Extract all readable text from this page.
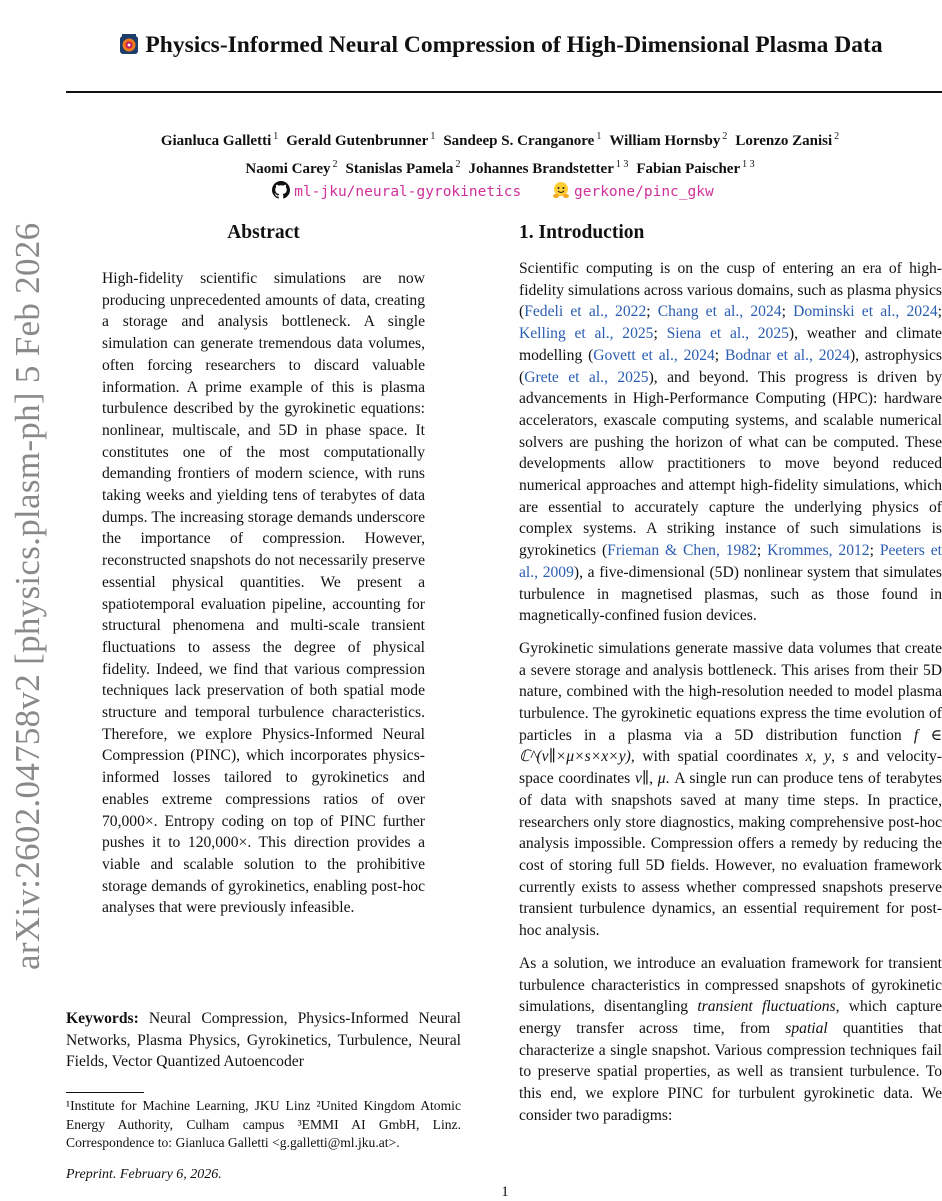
arXiv:2602.04758v2 [physics.plasm-ph] 5 Feb 2026
Physics-Informed Neural Compression of High-Dimensional Plasma Data
Gianluca Galletti $^1$ Gerald Gutenbrunner $^1$ Sandeep S. Cranganore $^1$ William Hornsby $^2$ Lorenzo Zanisi $^2$
Naomi Carey $^2$ Stanislas Pamela $^2$ Johannes Brandstetter $^{1 3}$ Fabian Paischer $^{1 3}$
ml-jku/neural-gyrokinetics	gerkone/pinc_gkw
Abstract
High-fidelity scientific simulations are now producing unprecedented amounts of data, creating a storage and analysis bottleneck. A single simulation can generate tremendous data volumes, often forcing researchers to discard valuable information. A prime example of this is plasma turbulence described by the gyrokinetic equations: nonlinear, multiscale, and 5D in phase space. It constitutes one of the most computationally demanding frontiers of modern science, with runs taking weeks and yielding tens of terabytes of data dumps. The increasing storage demands underscore the importance of compression. However, reconstructed snapshots do not necessarily preserve essential physical quantities. We present a spatiotemporal evaluation pipeline, accounting for structural phenomena and multi-scale transient fluctuations to assess the degree of physical fidelity. Indeed, we find that various compression techniques lack preservation of both spatial mode structure and temporal turbulence characteristics. Therefore, we explore Physics-Informed Neural Compression (PINC), which incorporates physics-informed losses tailored to gyrokinetics and enables extreme compressions ratios of over 70,000×. Entropy coding on top of PINC further pushes it to 120,000×. This direction provides a viable and scalable solution to the prohibitive storage demands of gyrokinetics, enabling post-hoc analyses that were previously infeasible.
Keywords: Neural Compression, Physics-Informed Neural Networks, Plasma Physics, Gyrokinetics, Turbulence, Neural Fields, Vector Quantized Autoencoder
¹Institute for Machine Learning, JKU Linz ²United Kingdom Atomic Energy Authority, Culham campus ³EMMI AI GmbH, Linz. Correspondence to: Gianluca Galletti <g.galletti@ml.jku.at>.
Preprint. February 6, 2026.
1. Introduction

Scientific computing is on the cusp of entering an era of high-fidelity simulations across various domains, such as plasma physics (Fedeli et al., 2022; Chang et al., 2024; Dominski et al., 2024; Kelling et al., 2025; Siena et al., 2025), weather and climate modelling (Govett et al., 2024; Bodnar et al., 2024), astrophysics (Grete et al., 2025), and beyond. This progress is driven by advancements in High-Performance Computing (HPC): hardware accelerators, exascale computing systems, and scalable numerical solvers are pushing the horizon of what can be computed. These developments allow practitioners to move beyond reduced numerical approaches and attempt high-fidelity simulations, which are essential to accurately capture the underlying physics of complex systems. A striking instance of such simulations is gyrokinetics (Frieman & Chen, 1982; Krommes, 2012; Peeters et al., 2009), a five-dimensional (5D) nonlinear system that simulates turbulence in magnetised plasmas, such as those found in magnetically-confined fusion devices.

Gyrokinetic simulations generate massive data volumes that create a severe storage and analysis bottleneck. This arises from their 5D nature, combined with the high-resolution needed to model plasma turbulence. The gyrokinetic equations express the time evolution of particles in a plasma via a 5D distribution function f ∈ ℂ^(v∥×μ×s×x×y), with spatial coordinates x, y, s and velocity-space coordinates v∥, μ. A single run can produce tens of terabytes of data with snapshots saved at many time steps. In practice, researchers only store diagnostics, making comprehensive post-hoc analysis impossible. Compression offers a remedy by reducing the cost of storing full 5D fields. However, no evaluation framework currently exists to assess whether compressed snapshots preserve transient turbulence dynamics, an essential requirement for post-hoc analysis.

As a solution, we introduce an evaluation framework for transient turbulence characteristics in compressed snapshots of gyrokinetic simulations, disentangling transient fluctuations, which capture energy transfer across time, from spatial quantities that characterize a single snapshot. Various compression techniques fail to preserve spatial properties, as well as transient turbulence. To this end, we explore PINC for turbulent gyrokinetic data. We consider two paradigms:

1
